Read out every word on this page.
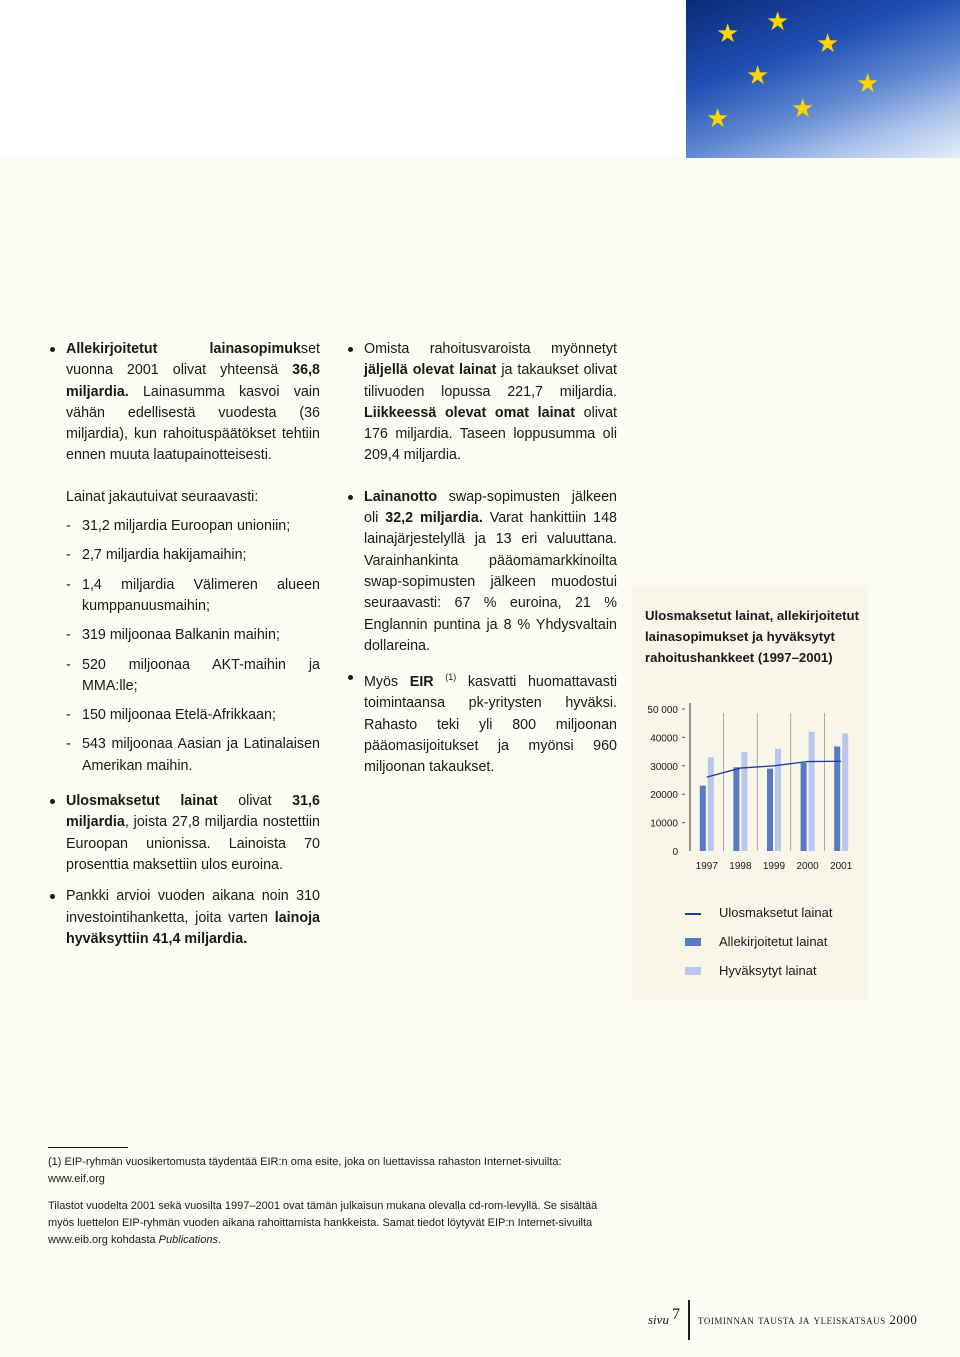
★ ★
★
★
★
★
★

Allekirjoitetut lainasopimukset vuonna 2001 olivat yhteensä 36,8 miljardia. Lainasumma kasvoi vain vähän edellisestä vuodesta (36 miljardia), kun rahoituspäätökset tehtiin ennen muuta laatupainotteisesti.

Lainat jakautuivat seuraavasti:

- 31,2 miljardia Euroopan unioniin;

- 2,7 miljardia hakijamaihin;

- 1,4 miljardia Välimeren alueen kumppanuusmaihin;

- 319 miljoonaa Balkanin maihin;

- 520 miljoonaa AKT-maihin ja MMA:lle;

- 150 miljoonaa Etelä-Afrikkaan;

- 543 miljoonaa Aasian ja Latinalaisen Amerikan maihin.

Ulosmaksetut lainat olivat 31,6 miljardia, joista 27,8 miljardia nostettiin Euroopan unionissa. Lainoista 70 prosenttia maksettiin ulos euroina.

Pankki arvioi vuoden aikana noin 310 investointihanketta, joita varten lainoja hyväksyttiin 41,4 miljardia.

Omista rahoitusvaroista myönnetyt jäljellä olevat lainat ja takaukset olivat tilivuoden lopussa 221,7 miljardia. Liikkeessä olevat omat lainat olivat 176 miljardia. Taseen loppusumma oli 209,4 miljardia.

Lainanotto swap-sopimusten jälkeen oli 32,2 miljardia. Varat hankittiin 148 lainajärjestelyllä ja 13 eri valuuttana. Varainhankinta pääomamarkkinoilta swap-sopimusten jälkeen muodostui seuraavasti: 67 % euroina, 21 % Englannin puntina ja 8 % Yhdysvaltain dollareina.

Myös EIR $^{(1)}$ kasvatti huomattavasti toimintaansa pk-yritysten hyväksi. Rahasto teki yli 800 miljoonan pääomasijoitukset ja myönsi 960 miljoonan takaukset.

Ulosmaksetut lainat, allekirjoitetut lainasopimukset ja hyväksytyt rahoitushankkeet (1997–2001)
50 000
40000
30000
20000
10000
0
1997 1998 1999 2000 2001
Ulosmaksetut lainat
Allekirjoitetut lainat
Hyväksytyt lainat

(1) EIP-ryhmän vuosikertomusta täydentää EIR:n oma esite, joka on luettavissa rahaston Internet-sivuilta: www.eif.org

Tilastot vuodelta 2001 sekä vuosilta 1997–2001 ovat tämän julkaisun mukana olevalla cd-rom-levyllä. Se sisältää myös luettelon EIP-ryhmän vuoden aikana rahoittamista hankkeista. Samat tiedot löytyvät EIP:n Internet-sivuilta www.eib.org kohdasta Publications.

sivu 7 toiminnan tausta ja yleiskatsaus 2000
